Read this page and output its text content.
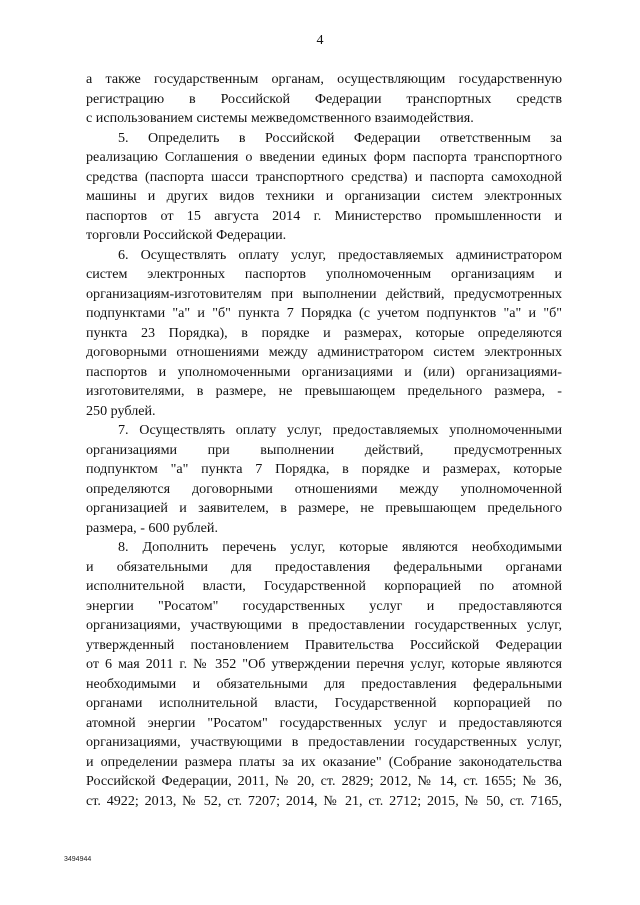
4
а также государственным органам, осуществляющим государственную
регистрацию в Российской Федерации транспортных средств
с использованием системы межведомственного взаимодействия.
5. Определить в Российской Федерации ответственным за
реализацию Соглашения о введении единых форм паспорта транспортного
средства (паспорта шасси транспортного средства) и паспорта самоходной
машины и других видов техники и организации систем электронных
паспортов от 15 августа 2014 г. Министерство промышленности и
торговли Российской Федерации.
6. Осуществлять оплату услуг, предоставляемых администратором
систем электронных паспортов уполномоченным организациям и
организациям-изготовителям при выполнении действий, предусмотренных
подпунктами "а" и "б" пункта 7 Порядка (с учетом подпунктов "а" и "б"
пункта 23 Порядка), в порядке и размерах, которые определяются
договорными отношениями между администратором систем электронных
паспортов и уполномоченными организациями и (или) организациями-
изготовителями, в размере, не превышающем предельного размера, -
250 рублей.
7. Осуществлять оплату услуг, предоставляемых уполномоченными
организациями при выполнении действий, предусмотренных
подпунктом "а" пункта 7 Порядка, в порядке и размерах, которые
определяются договорными отношениями между уполномоченной
организацией и заявителем, в размере, не превышающем предельного
размера, - 600 рублей.
8. Дополнить перечень услуг, которые являются необходимыми
и обязательными для предоставления федеральными органами
исполнительной власти, Государственной корпорацией по атомной
энергии "Росатом" государственных услуг и предоставляются
организациями, участвующими в предоставлении государственных услуг,
утвержденный постановлением Правительства Российской Федерации
от 6 мая 2011 г. № 352 "Об утверждении перечня услуг, которые являются
необходимыми и обязательными для предоставления федеральными
органами исполнительной власти, Государственной корпорацией по
атомной энергии "Росатом" государственных услуг и предоставляются
организациями, участвующими в предоставлении государственных услуг,
и определении размера платы за их оказание" (Собрание законодательства
Российской Федерации, 2011, № 20, ст. 2829; 2012, № 14, ст. 1655; № 36,
ст. 4922; 2013, № 52, ст. 7207; 2014, № 21, ст. 2712; 2015, № 50, ст. 7165,
3494944
